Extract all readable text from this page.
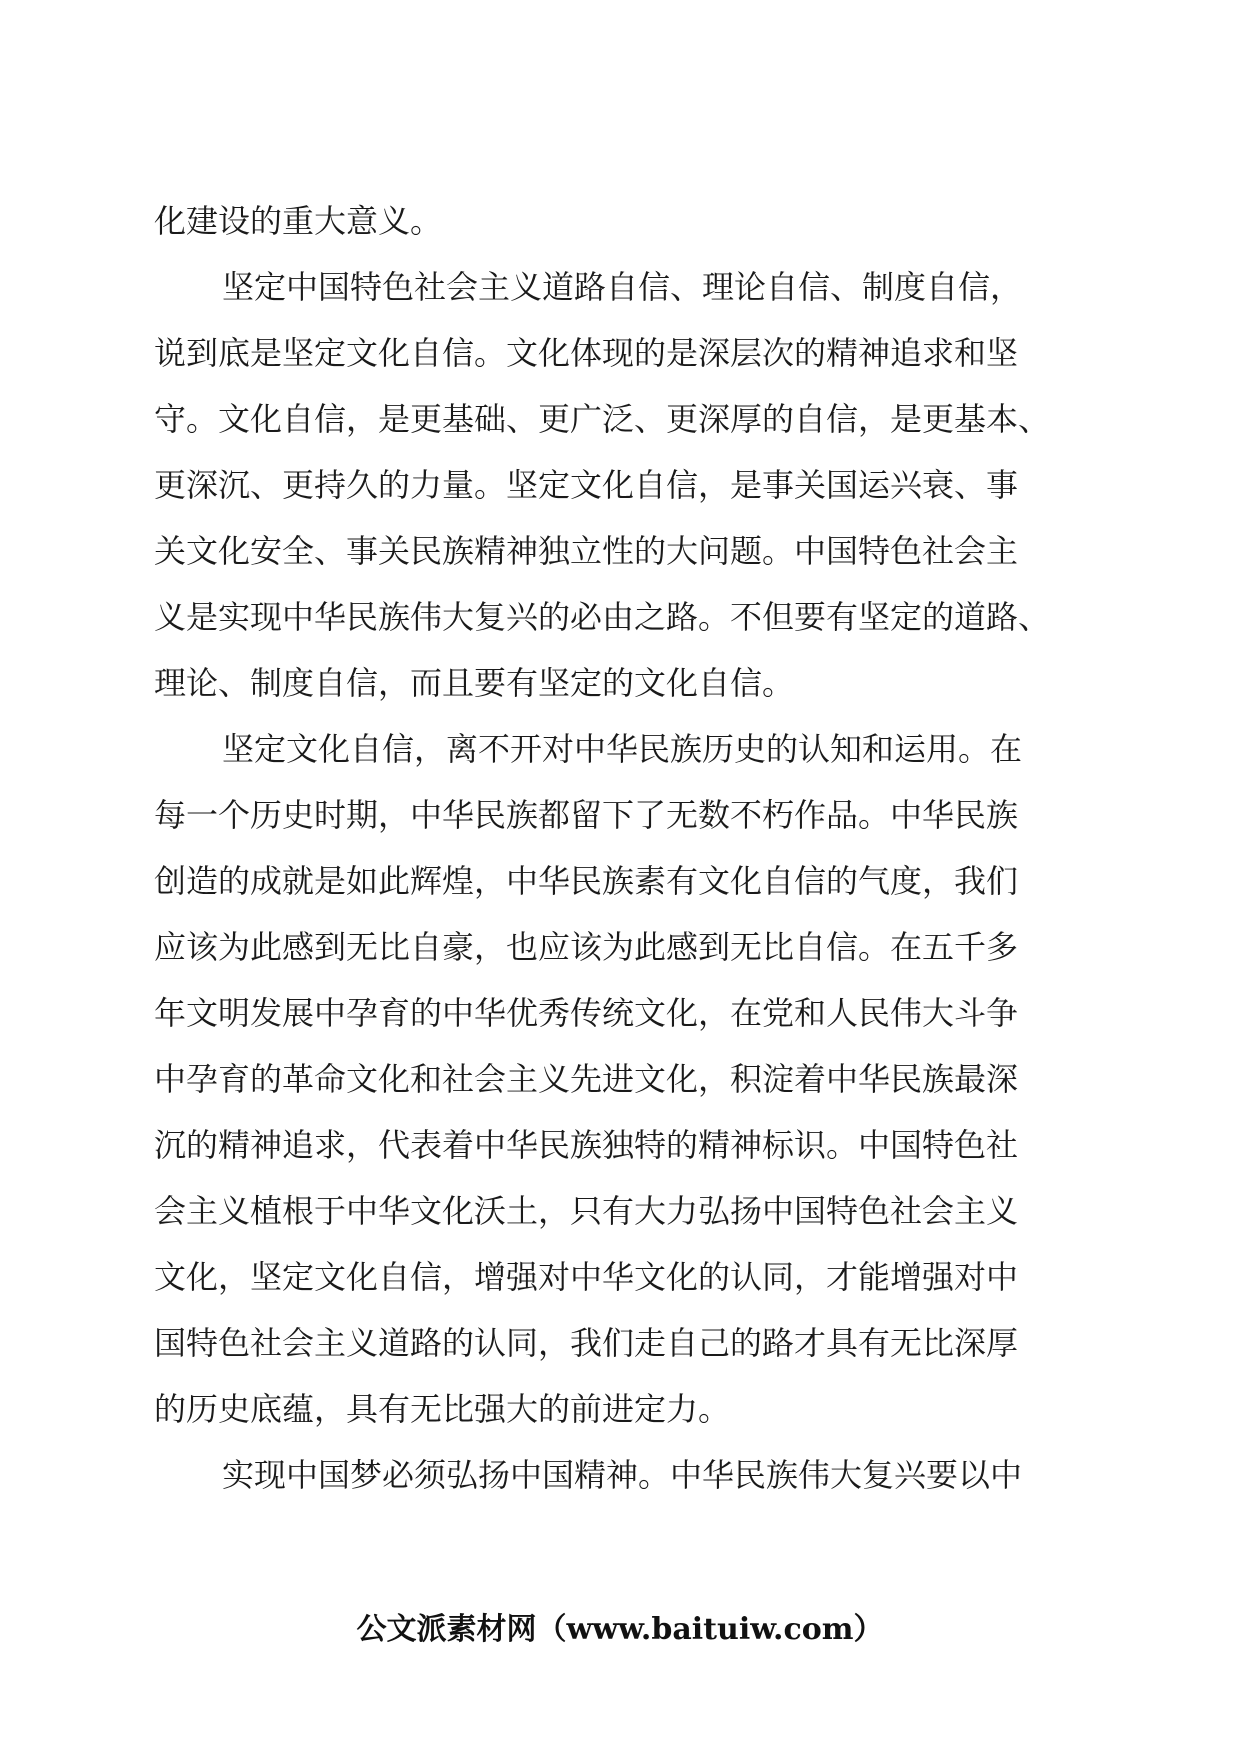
化建设的重大意义。
坚定中国特色社会主义道路自信、理论自信、制度自信，
说到底是坚定文化自信。文化体现的是深层次的精神追求和坚
守。文化自信，是更基础、更广泛、更深厚的自信，是更基本、
更深沉、更持久的力量。坚定文化自信，是事关国运兴衰、事
关文化安全、事关民族精神独立性的大问题。中国特色社会主
义是实现中华民族伟大复兴的必由之路。不但要有坚定的道路、
理论、制度自信，而且要有坚定的文化自信。
坚定文化自信，离不开对中华民族历史的认知和运用。在
每一个历史时期，中华民族都留下了无数不朽作品。中华民族
创造的成就是如此辉煌，中华民族素有文化自信的气度，我们
应该为此感到无比自豪，也应该为此感到无比自信。在五千多
年文明发展中孕育的中华优秀传统文化，在党和人民伟大斗争
中孕育的革命文化和社会主义先进文化，积淀着中华民族最深
沉的精神追求，代表着中华民族独特的精神标识。中国特色社
会主义植根于中华文化沃土，只有大力弘扬中国特色社会主义
文化，坚定文化自信，增强对中华文化的认同，才能增强对中
国特色社会主义道路的认同，我们走自己的路才具有无比深厚
的历史底蕴，具有无比强大的前进定力。
实现中国梦必须弘扬中国精神。中华民族伟大复兴要以中
公文派素材网（www.baituiw.com）
